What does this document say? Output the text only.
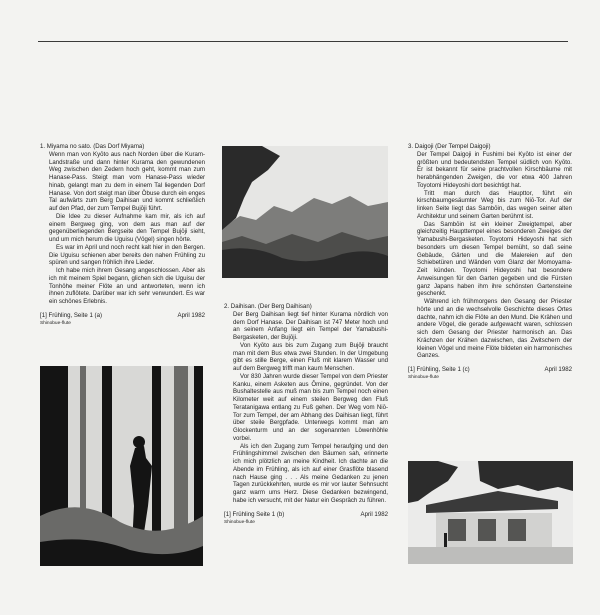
1. Miyama no sato. (Das Dorf Miyama)

Wenn man von Kyōto aus nach Norden über die Kuram-Landstraße und dann hinter Kurama den gewundenen Weg zwischen den Zedern hoch geht, kommt man zum Hanase-Pass. Steigt man vom Hanase-Pass wieder hinab, gelangt man zu dem in einem Tal liegenden Dorf Hanase. Von dort steigt man über Öbuse durch ein enges Tal aufwärts zum Berg Daihisan und kommt schließlich auf den Pfad, der zum Tempel Bujōji führt.

Die Idee zu dieser Aufnahme kam mir, als ich auf einem Bergweg ging, von dem aus man auf der gegenüberliegenden Bergseite den Tempel Bujōji sieht, und um mich herum die Uguisu (Vögel) singen hörte.

Es war im April und noch recht kalt hier in den Bergen. Die Uguisu schienen aber bereits den nahen Frühling zu spüren und sangen fröhlich ihre Lieder.

Ich habe mich ihrem Gesang angeschlossen. Aber als ich mit meinem Spiel begann, glichen sich die Uguisu der Tonhöhe meiner Flöte an und antworteten, wenn ich ihnen zuflötete. Darüber war ich sehr verwundert. Es war ein schönes Erlebnis.

[1] Frühling, Seite 1 (a)	April 1982
Shinobue-flute

2. Daihisan. (Der Berg Daihisan)

Der Berg Daihisan liegt tief hinter Kurama nördlich von dem Dorf Hanase. Der Daihisan ist 747 Meter hoch und an seinem Anfang liegt ein Tempel der Yamabushi-Bergasketen, der Bujōji.

Von Kyōto aus bis zum Zugang zum Bujōji braucht man mit dem Bus etwa zwei Stunden. In der Umgebung gibt es stille Berge, einen Fluß mit klarem Wasser und auf dem Bergweg trifft man kaum Menschen.

Vor 830 Jahren wurde dieser Tempel von dem Priester Kanku, einem Asketen aus Ōmine, gegründet. Von der Bushaltestelle aus muß man bis zum Tempel noch einen Kilometer weit auf einem steilen Bergweg den Fluß Teratanigawa entlang zu Fuß gehen. Der Weg vom Niō-Tor zum Tempel, der am Abhang des Daihisan liegt, führt über steile Bergpfade. Unterwegs kommt man am Glockenturm und an der sogenannten Löwenhöhle vorbei.

Als ich den Zugang zum Tempel heraufging und den Frühlingshimmel zwischen den Bäumen sah, erinnerte ich mich plötzlich an meine Kindheit. Ich dachte an die Abende im Frühling, als ich auf einer Grasflöte blasend nach Hause ging . . . Als meine Gedanken zu jenen Tagen zurückkehrten, wurde es mir vor lauter Sehnsucht ganz warm ums Herz. Diese Gedanken bezwingend, habe ich versucht, mit der Natur ein Gespräch zu führen.

[1] Frühling Seite 1 (b)	April 1982
Shinobue-flute

3. Daigoji (Der Tempel Daigoji)

Der Tempel Daigoji in Fushimi bei Kyōto ist einer der größten und bedeutendsten Tempel südlich von Kyōto. Er ist bekannt für seine prachtvollen Kirschbäume mit herabhängenden Zweigen, die vor etwa 400 Jahren Toyotomi Hideyoshi dort besichtigt hat.

Tritt man durch das Haupttor, führt ein kirschbaumgesäumter Weg bis zum Niō-Tor. Auf der linken Seite liegt das Sambōin, das wegen seiner alten Architektur und seinem Garten berühmt ist.

Das Sambōin ist ein kleiner Zweigtempel, aber gleichzeitig Haupttempel eines besonderen Zweiges der Yamabushi-Bergasketen. Toyotomi Hideyoshi hat sich besonders um diesen Tempel bemüht, so daß seine Gebäude, Gärten und die Malereien auf den Schiebetüren und Wänden vom Glanz der Momoyama-Zeit künden. Toyotomi Hideyoshi hat besondere Anweisungen für den Garten gegeben und die Fürsten ganz Japans haben ihm ihre schönsten Gartensteine geschenkt.

Während ich frühmorgens den Gesang der Priester hörte und an die wechselvolle Geschichte dieses Ortes dachte, nahm ich die Flöte an den Mund. Die Krähen und andere Vögel, die gerade aufgewacht waren, schlossen sich dem Gesang der Priester harmonisch an. Das Krächzen der Krähen dazwischen, das Zwitschern der kleinen Vögel und meine Flöte bildeten ein harmonisches Ganzes.

[1] Frühling, Seite 1 (c)	April 1982
Shinobue-flute
